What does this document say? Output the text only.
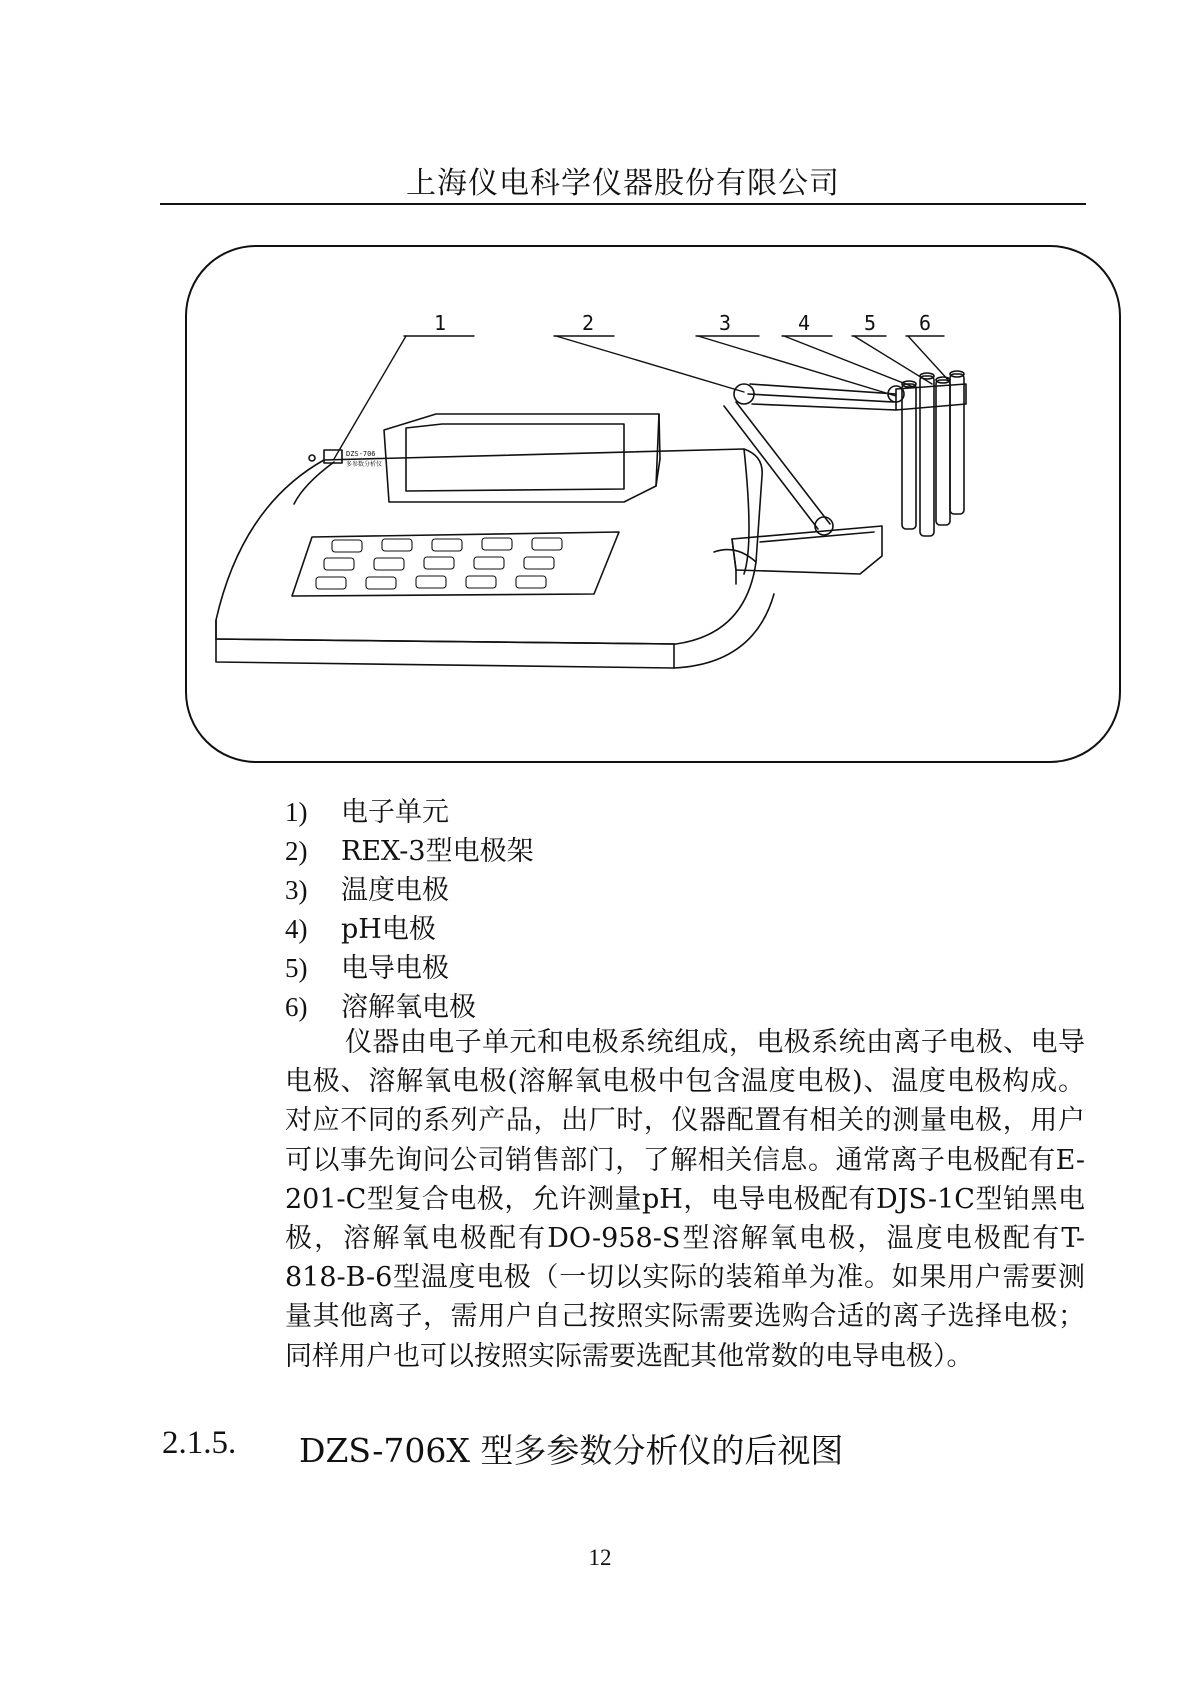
上海仪电科学仪器股份有限公司
1	2	3	4	5 6
DZS-706
多参数分析仪
1)	电子单元
2)	REX-3型电极架
3)	温度电极
4)	pH电极
5)	电导电极
6)	溶解氧电极

仪器由电子单元和电极系统组成，电极系统由离子电极、电导电极、溶解氧电极(溶解氧电极中包含温度电极)、温度电极构成。对应不同的系列产品，出厂时，仪器配置有相关的测量电极，用户可以事先询问公司销售部门，了解相关信息。通常离子电极配有E-201-C型复合电极，允许测量pH，电导电极配有DJS-1C型铂黑电极，溶解氧电极配有DO-958-S型溶解氧电极，温度电极配有T-818-B-6型温度电极（一切以实际的装箱单为准。如果用户需要测量其他离子，需用户自己按照实际需要选购合适的离子选择电极；同样用户也可以按照实际需要选配其他常数的电导电极）。

2.1.5.	DZS-706X 型多参数分析仪的后视图
12
